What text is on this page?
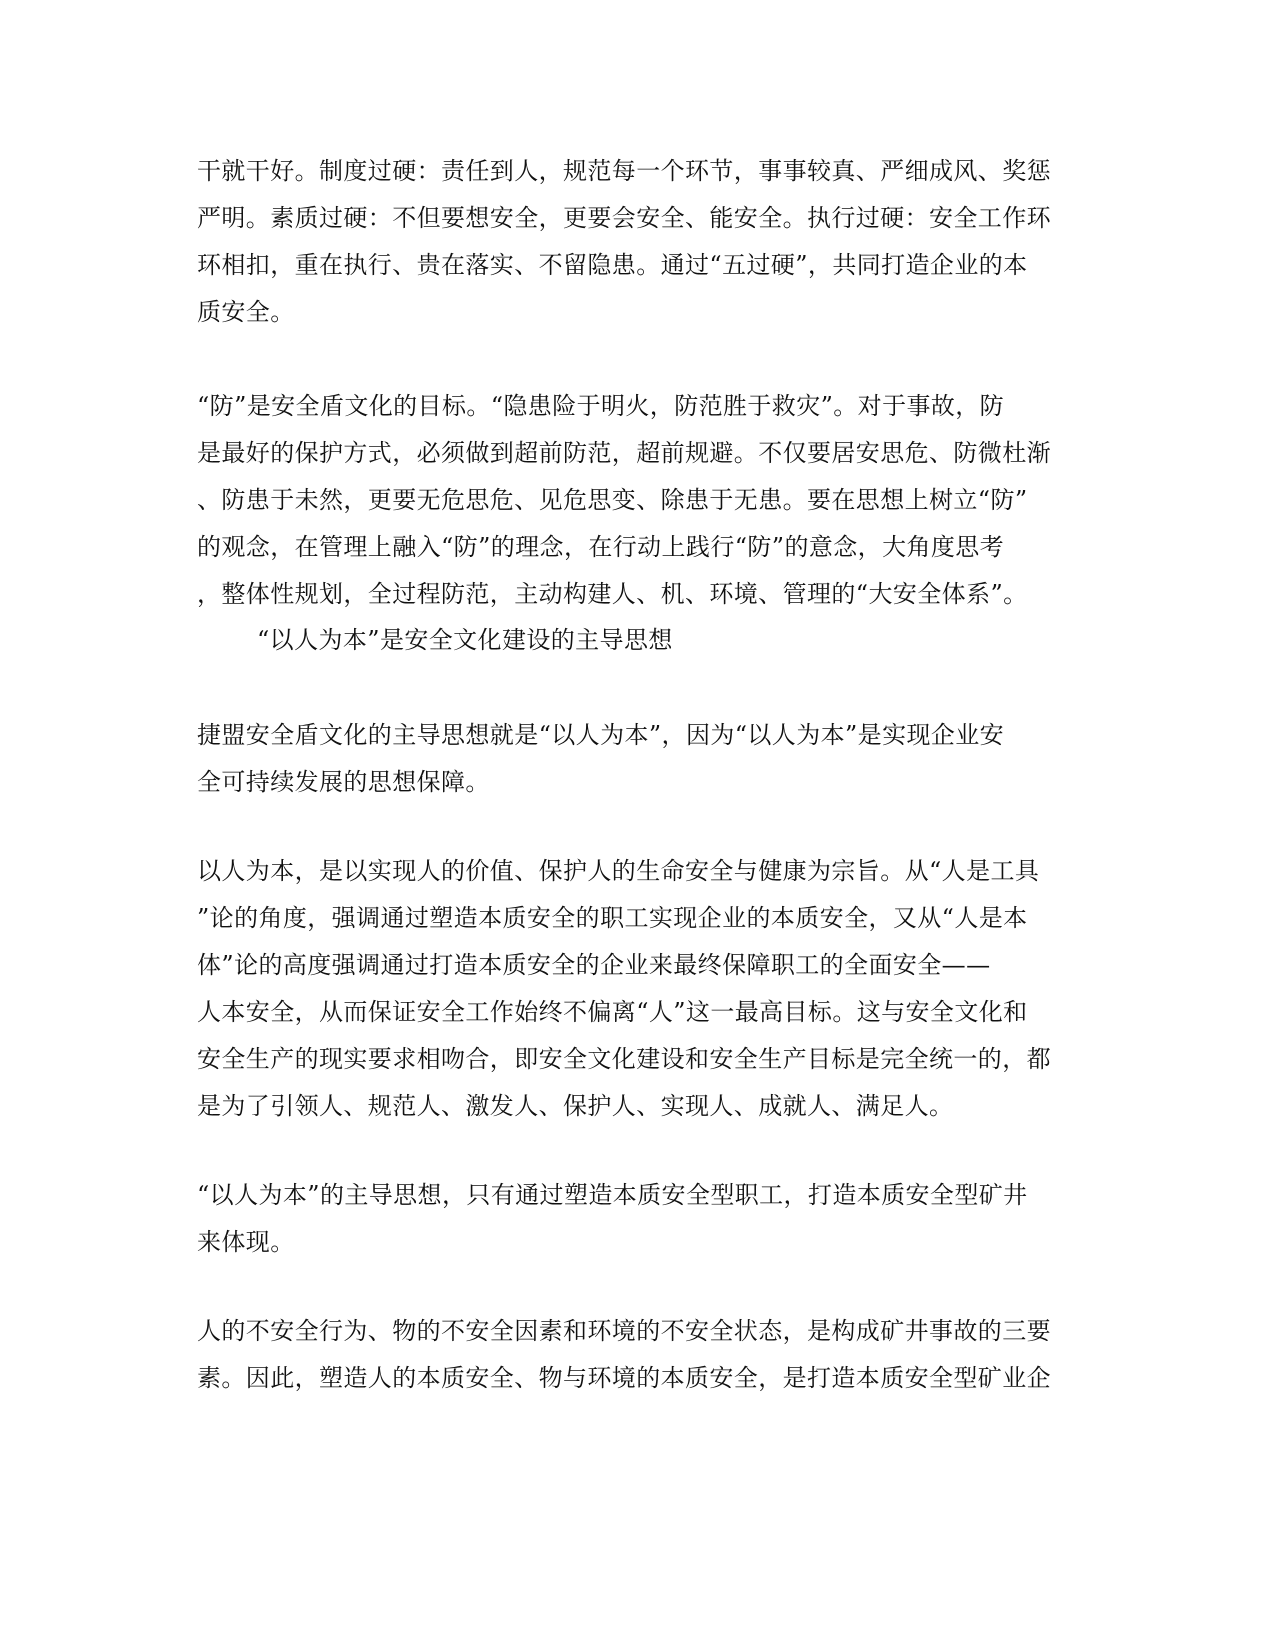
干就干好。制度过硬：责任到人，规范每一个环节，事事较真、严细成风、奖惩
严明。素质过硬：不但要想安全，更要会安全、能安全。执行过硬：安全工作环
环相扣，重在执行、贵在落实、不留隐患。通过“五过硬”，共同打造企业的本
质安全。
“防”是安全盾文化的目标。“隐患险于明火，防范胜于救灾”。对于事故，防
是最好的保护方式，必须做到超前防范，超前规避。不仅要居安思危、防微杜渐
、防患于未然，更要无危思危、见危思变、除患于无患。要在思想上树立“防”
的观念，在管理上融入“防”的理念，在行动上践行“防”的意念，大角度思考
，整体性规划，全过程防范，主动构建人、机、环境、管理的“大安全体系”。
“以人为本”是安全文化建设的主导思想
捷盟安全盾文化的主导思想就是“以人为本”，因为“以人为本”是实现企业安
全可持续发展的思想保障。
以人为本，是以实现人的价值、保护人的生命安全与健康为宗旨。从“人是工具
”论的角度，强调通过塑造本质安全的职工实现企业的本质安全，又从“人是本
体”论的高度强调通过打造本质安全的企业来最终保障职工的全面安全——
人本安全，从而保证安全工作始终不偏离“人”这一最高目标。这与安全文化和
安全生产的现实要求相吻合，即安全文化建设和安全生产目标是完全统一的，都
是为了引领人、规范人、激发人、保护人、实现人、成就人、满足人。
“以人为本”的主导思想，只有通过塑造本质安全型职工，打造本质安全型矿井
来体现。
人的不安全行为、物的不安全因素和环境的不安全状态，是构成矿井事故的三要
素。因此，塑造人的本质安全、物与环境的本质安全，是打造本质安全型矿业企
